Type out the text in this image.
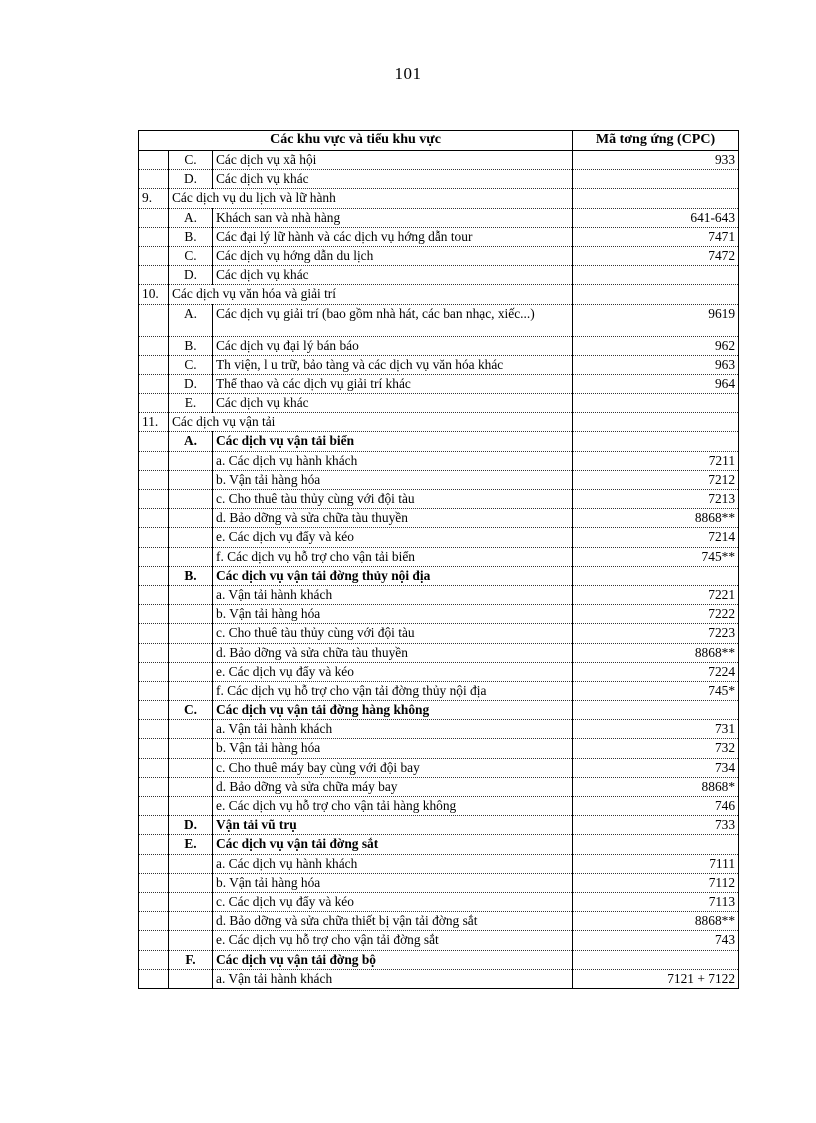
101
Các khu vực và tiểu khu vực			Mã tơng ứng (CPC)
	C.	Các dịch vụ xã hội	933
	D.	Các dịch vụ khác	
9.	Các dịch vụ du lịch và lữ hành		
	A.	Khách san và nhà hàng	641-643
	B.	Các đại lý lữ hành và các dịch vụ hớng dẫn tour	7471
	C.	Các dịch vụ hớng dẫn du lịch	7472
	D.	Các dịch vụ khác	
10.	Các dịch vụ văn hóa và giải trí		
	A.	Các dịch vụ giải trí (bao gồm nhà hát, các ban nhạc, xiếc...)	9619
	B.	Các dịch vụ đại lý bán báo	962
	C.	Th viện, l u trữ, bảo tàng và các dịch vụ văn hóa khác	963
	D.	Thể thao và các dịch vụ giải trí khác	964
	E.	Các dịch vụ khác	
11.	Các dịch vụ vận tải		
	A.	Các dịch vụ vận tải biển	
		a. Các dịch vụ hành khách	7211
		b. Vận tải hàng hóa	7212
		c. Cho thuê tàu thủy cùng với đội tàu	7213
		d. Bảo dỡng và sửa chữa tàu thuyền	8868**
		e. Các dịch vụ đẩy và kéo	7214
		f. Các dịch vụ hỗ trợ cho vận tải biển	745**
	B.	Các dịch vụ vận tải đờng thủy nội địa	
		a. Vận tải hành khách	7221
		b. Vận tải hàng hóa	7222
		c. Cho thuê tàu thủy cùng với đội tàu	7223
		d. Bảo dỡng và sửa chữa tàu thuyền	8868**
		e. Các dịch vụ đẩy và kéo	7224
		f. Các dịch vụ hỗ trợ cho vận tải đờng thủy nội địa	745*
	C.	Các dịch vụ vận tải đờng hàng không	
		a. Vận tải hành khách	731
		b. Vận tải hàng hóa	732
		c. Cho thuê máy bay cùng với đội bay	734
		d. Bảo dỡng và sửa chữa máy bay	8868*
		e. Các dịch vụ hỗ trợ cho vận tải hàng không	746
	D.	Vận tải vũ trụ	733
	E.	Các dịch vụ vận tải đờng sắt	
		a. Các dịch vụ hành khách	7111
		b. Vận tải hàng hóa	7112
		c. Các dịch vụ đẩy và kéo	7113
		d. Bảo dỡng và sửa chữa thiết bị vận tải đờng sắt	8868**
		e. Các dịch vụ hỗ trợ cho vận tải đờng sắt	743
	F.	Các dịch vụ vận tải đờng bộ	
		a. Vận tải hành khách	7121 + 7122
